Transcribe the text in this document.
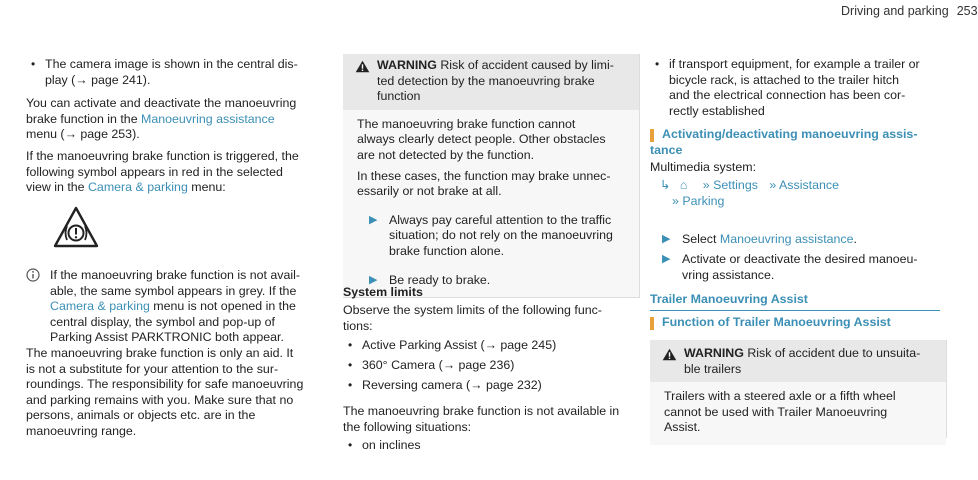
Driving and parking 253
• The camera image is shown in the central dis-

play (→ page 241).

You can activate and deactivate the manoeuvring

brake function in the Manoeuvring assistance

menu (→ page 253).

If the manoeuvring brake function is triggered, the

following symbol appears in red in the selected

view in the Camera & parking menu:

If the manoeuvring brake function is not avail-

able, the same symbol appears in grey. If the

Camera & parking menu is not opened in the

central display, the symbol and pop-up of

Parking Assist PARKTRONIC both appear.

The manoeuvring brake function is only an aid. It

is not a substitute for your attention to the sur-

roundings. The responsibility for safe manoeuvring

and parking remains with you. Make sure that no

persons, animals or objects etc. are in the

manoeuvring range.

WARNING Risk of accident caused by limi-

ted detection by the manoeuvring brake

function

The manoeuvring brake function cannot

always clearly detect people. Other obstacles

are not detected by the function.

In these cases, the function may brake unnec-

essarily or not brake at all.

▶ Always pay careful attention to the traffic

situation; do not rely on the manoeuvring

brake function alone.

▶ Be ready to brake.

System limits

Observe the system limits of the following func-

tions:

• Active Parking Assist (→ page 245)

• 360° Camera (→ page 236)

• Reversing camera (→ page 232)

The manoeuvring brake function is not available in

the following situations:

• on inclines

• if transport equipment, for example a trailer or

bicycle rack, is attached to the trailer hitch

and the electrical connection has been cor-

rectly established

Activating/deactivating manoeuvring assis-

tance

Multimedia system:

↳ ⌂ » Settings » Assistance
» Parking
▶ Select Manoeuvring assistance.

▶ Activate or deactivate the desired manoeu-

vring assistance.

Trailer Manoeuvring Assist

Function of Trailer Manoeuvring Assist

WARNING Risk of accident due to unsuita-

ble trailers

Trailers with a steered axle or a fifth wheel

cannot be used with Trailer Manoeuvring

Assist.
